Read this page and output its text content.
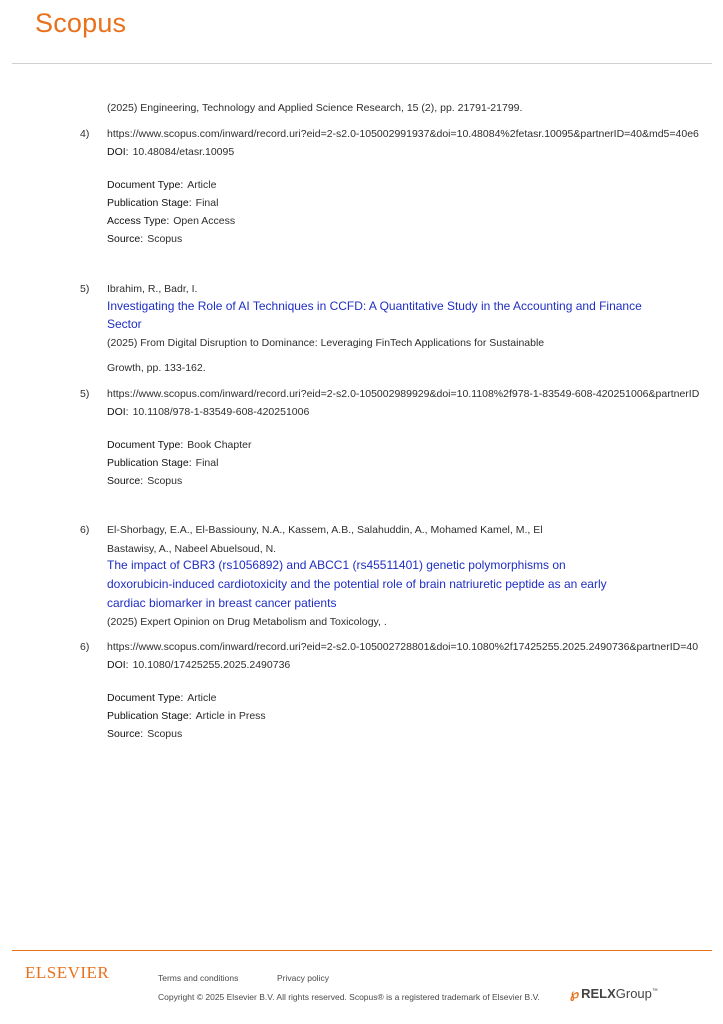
Scopus
(2025) Engineering, Technology and Applied Science Research, 15 (2), pp. 21791-21799.
4) https://www.scopus.com/inward/record.uri?eid=2-s2.0-105002991937&doi=10.48084%2fetasr.10095&partnerID=40&md5=40e6
DOI: 10.48084/etasr.10095
Document Type: Article
Publication Stage: Final
Access Type: Open Access
Source: Scopus
5) Ibrahim, R., Badr, I.
Investigating the Role of AI Techniques in CCFD: A Quantitative Study in the Accounting and Finance
Sector
(2025) From Digital Disruption to Dominance: Leveraging FinTech Applications for Sustainable
Growth, pp. 133-162.
5) https://www.scopus.com/inward/record.uri?eid=2-s2.0-105002989929&doi=10.1108%2f978-1-83549-608-420251006&partnerID
DOI: 10.1108/978-1-83549-608-420251006
Document Type: Book Chapter
Publication Stage: Final
Source: Scopus
6) El-Shorbagy, E.A., El-Bassiouny, N.A., Kassem, A.B., Salahuddin, A., Mohamed Kamel, M., El
Bastawisy, A., Nabeel Abuelsoud, N.
The impact of CBR3 (rs1056892) and ABCC1 (rs45511401) genetic polymorphisms on
doxorubicin-induced cardiotoxicity and the potential role of brain natriuretic peptide as an early
cardiac biomarker in breast cancer patients
(2025) Expert Opinion on Drug Metabolism and Toxicology, .
6) https://www.scopus.com/inward/record.uri?eid=2-s2.0-105002728801&doi=10.1080%2f17425255.2025.2490736&partnerID=40
DOI: 10.1080/17425255.2025.2490736
Document Type: Article
Publication Stage: Article in Press
Source: Scopus
ELSEVIER	Terms and conditions	Privacy policy
Copyright © 2025 Elsevier B.V. All rights reserved. Scopus® is a registered trademark of Elsevier B.V. ℘ RELXGroup™
